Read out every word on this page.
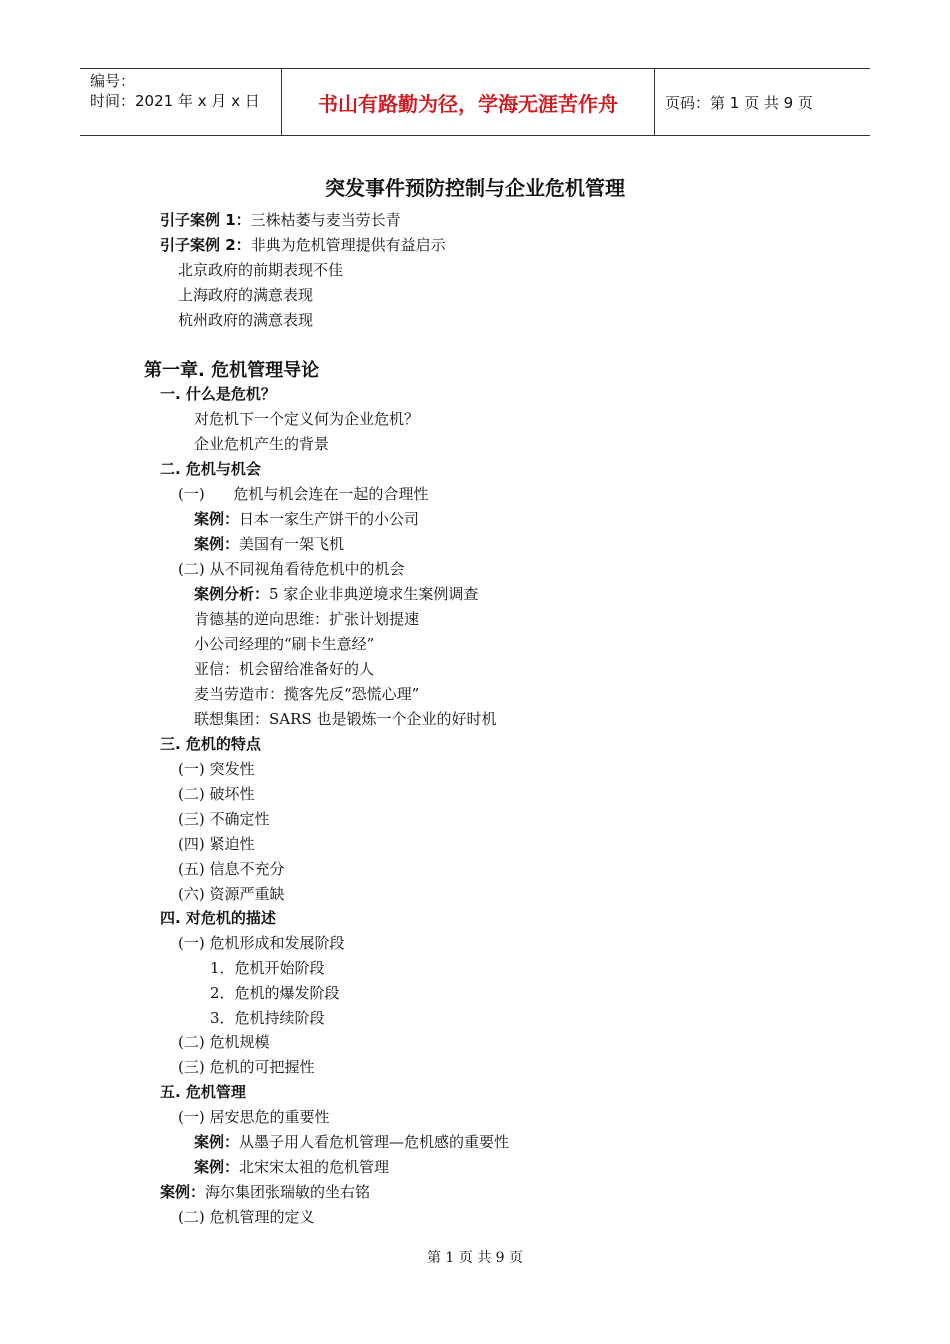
编号：
时间：2021 年 x 月 x 日	书山有路勤为径，学海无涯苦作舟	页码：第 1 页 共 9 页
突发事件预防控制与企业危机管理
引子案例 1：三株枯萎与麦当劳长青
引子案例 2：非典为危机管理提供有益启示
北京政府的前期表现不佳
上海政府的满意表现
杭州政府的满意表现
第一章. 危机管理导论
一. 什么是危机？
对危机下一个定义何为企业危机？
企业危机产生的背景
二. 危机与机会
(一)      危机与机会连在一起的合理性
案例：日本一家生产饼干的小公司
案例：美国有一架飞机
(二) 从不同视角看待危机中的机会
案例分析：5 家企业非典逆境求生案例调查
肯德基的逆向思维：扩张计划提速
小公司经理的“刷卡生意经”
亚信：机会留给准备好的人
麦当劳造市：揽客先反“恐慌心理”
联想集团：SARS 也是锻炼一个企业的好时机
三. 危机的特点
(一) 突发性
(二) 破坏性
(三) 不确定性
(四) 紧迫性
(五) 信息不充分
(六) 资源严重缺
四. 对危机的描述
(一) 危机形成和发展阶段
1．危机开始阶段
2．危机的爆发阶段
3．危机持续阶段
(二) 危机规模
(三) 危机的可把握性
五. 危机管理
(一) 居安思危的重要性
案例：从墨子用人看危机管理—危机感的重要性
案例：北宋宋太祖的危机管理
案例：海尔集团张瑞敏的坐右铭
(二) 危机管理的定义
第 1 页 共 9 页
